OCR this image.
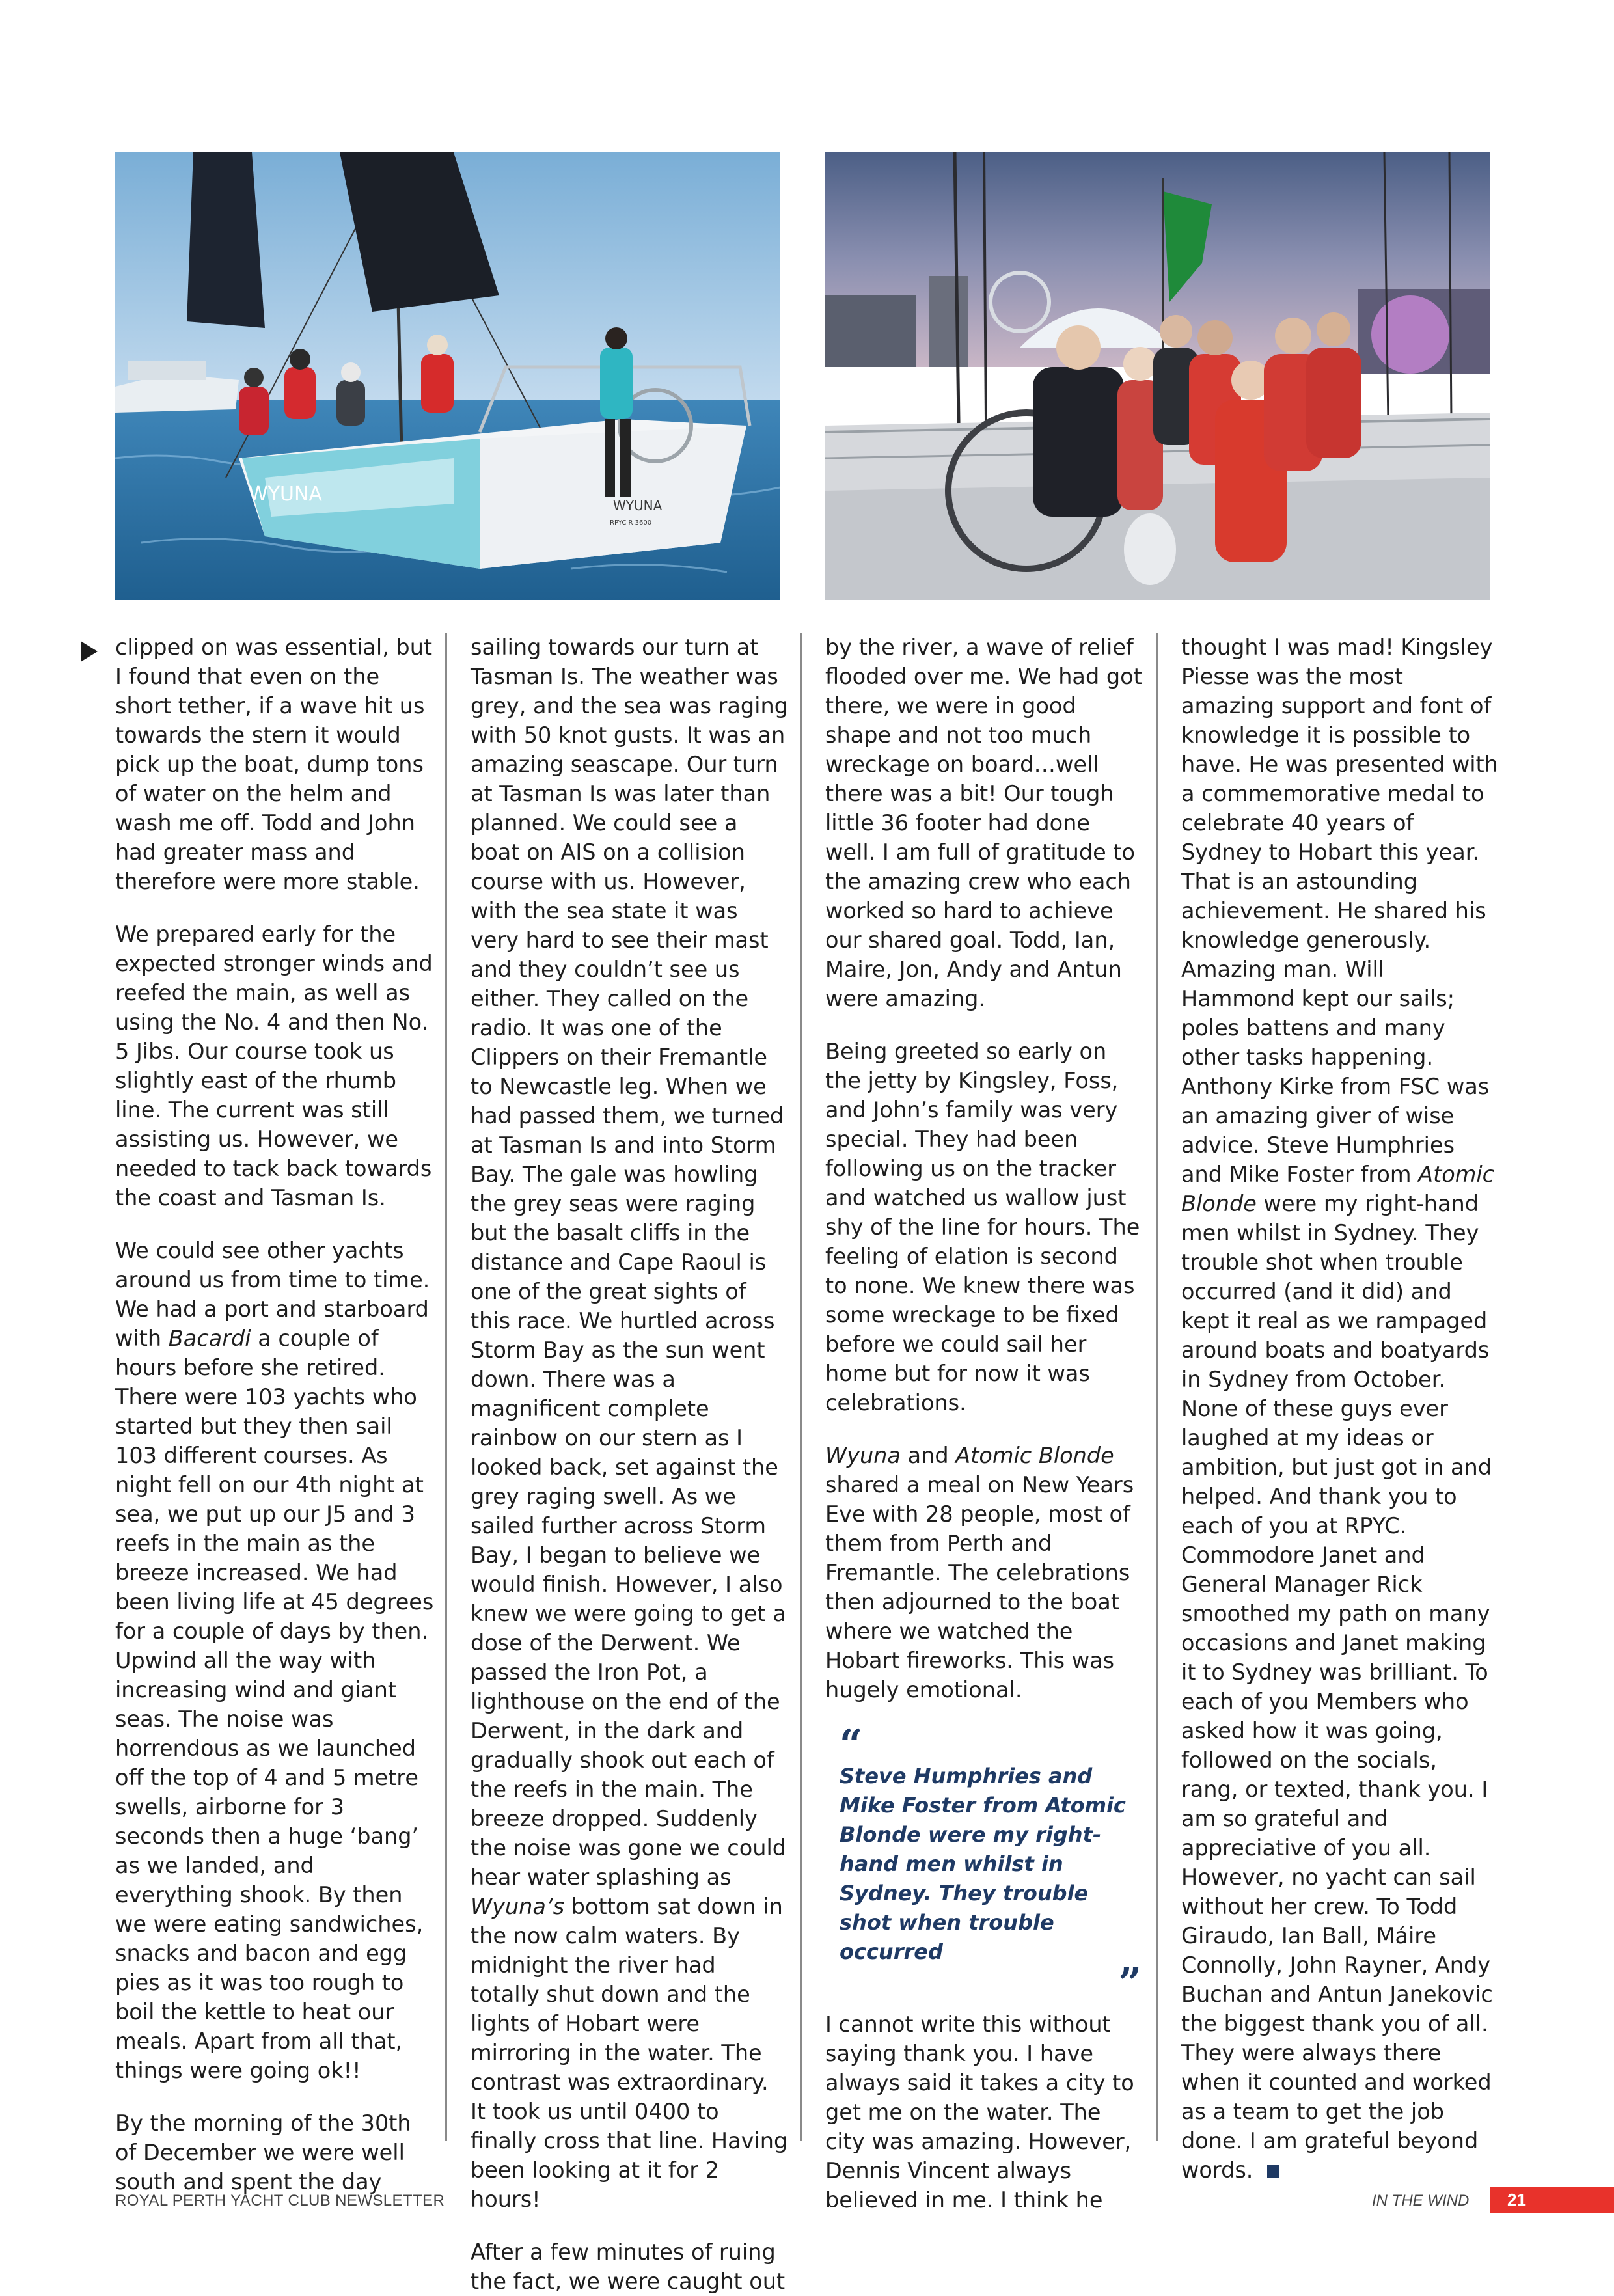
WYUNA	WYUNA
RPYC R 3600

clipped on was essential, but I found that even on the short tether, if a wave hit us towards the stern it would pick up the boat, dump tons of water on the helm and wash me off. Todd and John had greater mass and therefore were more stable.

We prepared early for the expected stronger winds and reefed the main, as well as using the No. 4 and then No. 5 Jibs. Our course took us slightly east of the rhumb line. The current was still assisting us. However, we needed to tack back towards the coast and Tasman Is.

We could see other yachts around us from time to time. We had a port and starboard with Bacardi a couple of hours before she retired. There were 103 yachts who started but they then sail 103 different courses. As night fell on our 4th night at sea, we put up our J5 and 3 reefs in the main as the breeze increased. We had been living life at 45 degrees for a couple of days by then. Upwind all the way with increasing wind and giant seas. The noise was horrendous as we launched off the top of 4 and 5 metre swells, airborne for 3 seconds then a huge ‘bang’ as we landed, and everything shook. By then we were eating sandwiches, snacks and bacon and egg pies as it was too rough to boil the kettle to heat our meals. Apart from all that, things were going ok!!

By the morning of the 30th of December we were well south and spent the day

sailing towards our turn at Tasman Is. The weather was grey, and the sea was raging with 50 knot gusts. It was an amazing seascape. Our turn at Tasman Is was later than planned. We could see a boat on AIS on a collision course with us. However, with the sea state it was very hard to see their mast and they couldn’t see us either. They called on the radio. It was one of the Clippers on their Fremantle to Newcastle leg. When we had passed them, we turned at Tasman Is and into Storm Bay. The gale was howling the grey seas were raging but the basalt cliffs in the distance and Cape Raoul is one of the great sights of this race. We hurtled across Storm Bay as the sun went down. There was a magnificent complete rainbow on our stern as I looked back, set against the grey raging swell. As we sailed further across Storm Bay, I began to believe we would finish. However, I also knew we were going to get a dose of the Derwent. We passed the Iron Pot, a lighthouse on the end of the Derwent, in the dark and gradually shook out each of the reefs in the main. The breeze dropped. Suddenly the noise was gone we could hear water splashing as Wyuna’s bottom sat down in the now calm waters. By midnight the river had totally shut down and the lights of Hobart were mirroring in the water. The contrast was extraordinary. It took us until 0400 to finally cross that line. Having been looking at it for 2 hours!

After a few minutes of ruing the fact, we were caught out

by the river, a wave of relief flooded over me. We had got there, we were in good shape and not too much wreckage on board…well there was a bit! Our tough little 36 footer had done well. I am full of gratitude to the amazing crew who each worked so hard to achieve our shared goal. Todd, Ian, Maire, Jon, Andy and Antun were amazing.

Being greeted so early on the jetty by Kingsley, Foss, and John’s family was very special. They had been following us on the tracker and watched us wallow just shy of the line for hours. The feeling of elation is second to none. We knew there was some wreckage to be fixed before we could sail her home but for now it was celebrations.

Wyuna and Atomic Blonde shared a meal on New Years Eve with 28 people, most of them from Perth and Fremantle. The celebrations then adjourned to the boat where we watched the Hobart fireworks. This was hugely emotional.

“
Steve Humphries and Mike Foster from Atomic Blonde were my right-hand men whilst in Sydney. They trouble shot when trouble occurred
”

I cannot write this without saying thank you. I have always said it takes a city to get me on the water. The city was amazing. However, Dennis Vincent always believed in me. I think he

thought I was mad! Kingsley Piesse was the most amazing support and font of knowledge it is possible to have. He was presented with a commemorative medal to celebrate 40 years of Sydney to Hobart this year. That is an astounding achievement. He shared his knowledge generously. Amazing man. Will Hammond kept our sails; poles battens and many other tasks happening. Anthony Kirke from FSC was an amazing giver of wise advice. Steve Humphries and Mike Foster from Atomic Blonde were my right-hand men whilst in Sydney. They trouble shot when trouble occurred (and it did) and kept it real as we rampaged around boats and boatyards in Sydney from October. None of these guys ever laughed at my ideas or ambition, but just got in and helped. And thank you to each of you at RPYC. Commodore Janet and General Manager Rick smoothed my path on many occasions and Janet making it to Sydney was brilliant. To each of you Members who asked how it was going, followed on the socials, rang, or texted, thank you. I am so grateful and appreciative of you all. However, no yacht can sail without her crew. To Todd Giraudo, Ian Ball, Máire Connolly, John Rayner, Andy Buchan and Antun Janekovic the biggest thank you of all. They were always there when it counted and worked as a team to get the job done. I am grateful beyond words.

ROYAL PERTH YACHT CLUB NEWSLETTER	IN THE WIND	21
